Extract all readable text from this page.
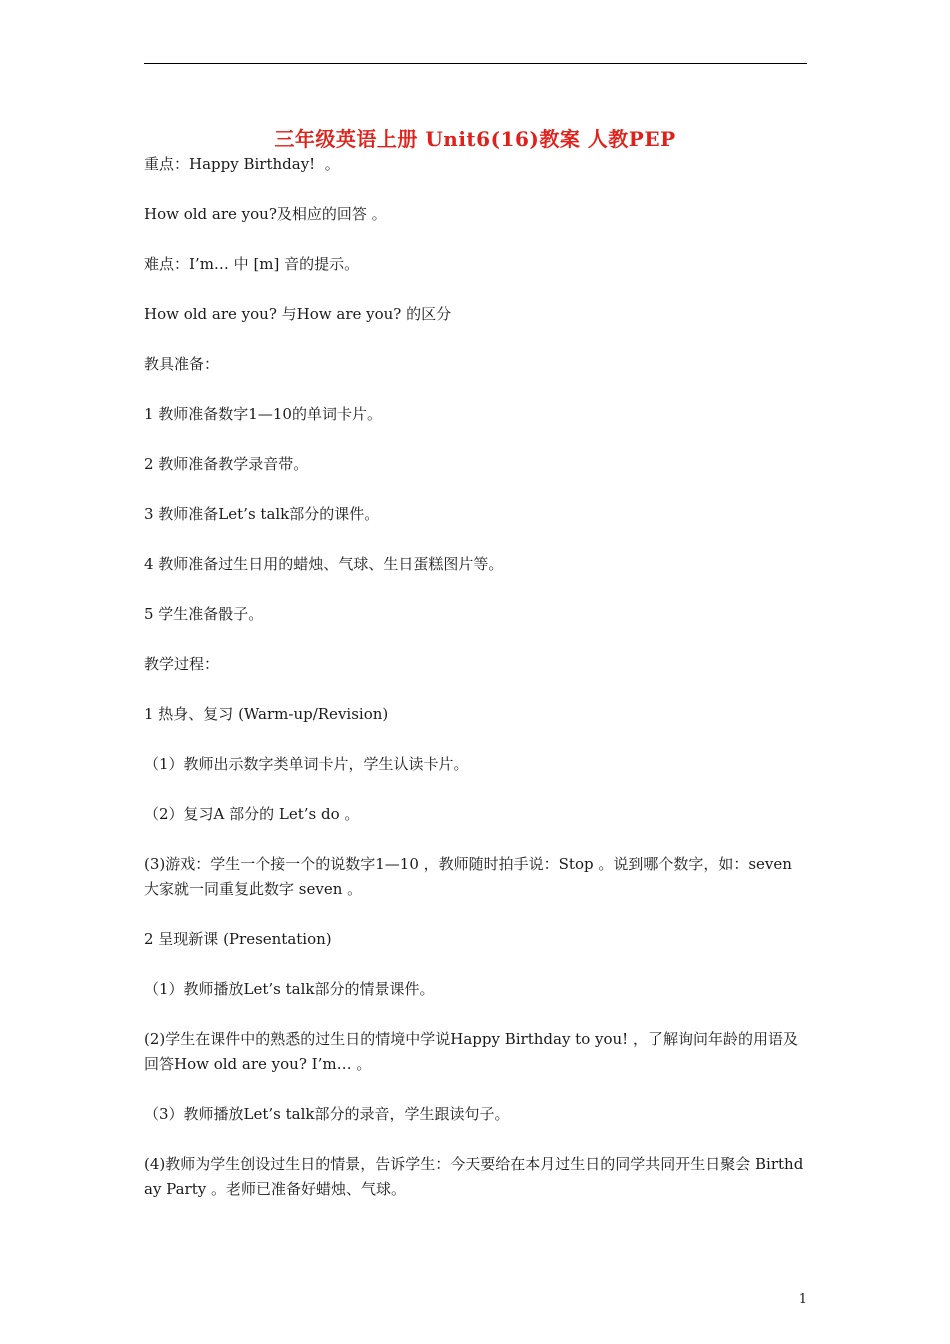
三年级英语上册 Unit6(16)教案 人教PEP

重点：Happy Birthday!  。

How old are you?及相应的回答 。

难点：I’m… 中 [m] 音的提示。

How old are you? 与How are you? 的区分

教具准备：

1 教师准备数字1—10的单词卡片。

2 教师准备教学录音带。

3 教师准备Let’s talk部分的课件。

4 教师准备过生日用的蜡烛、气球、生日蛋糕图片等。

5 学生准备骰子。

教学过程：

1 热身、复习 (Warm-up/Revision)

（1）教师出示数字类单词卡片，学生认读卡片。

（2）复习A 部分的 Let’s do 。

(3)游戏：学生一个接一个的说数字1—10 ，教师随时拍手说：Stop 。说到哪个数字，如：seven 大家就一同重复此数字 seven 。

2 呈现新课 (Presentation)

（1）教师播放Let’s talk部分的情景课件。

(2)学生在课件中的熟悉的过生日的情境中学说Happy Birthday to you! ，了解询问年龄的用语及回答How old are you? I’m… 。

（3）教师播放Let’s talk部分的录音，学生跟读句子。

(4)教师为学生创设过生日的情景，告诉学生：今天要给在本月过生日的同学共同开生日聚会 Birthday Party 。老师已准备好蜡烛、气球。

1
